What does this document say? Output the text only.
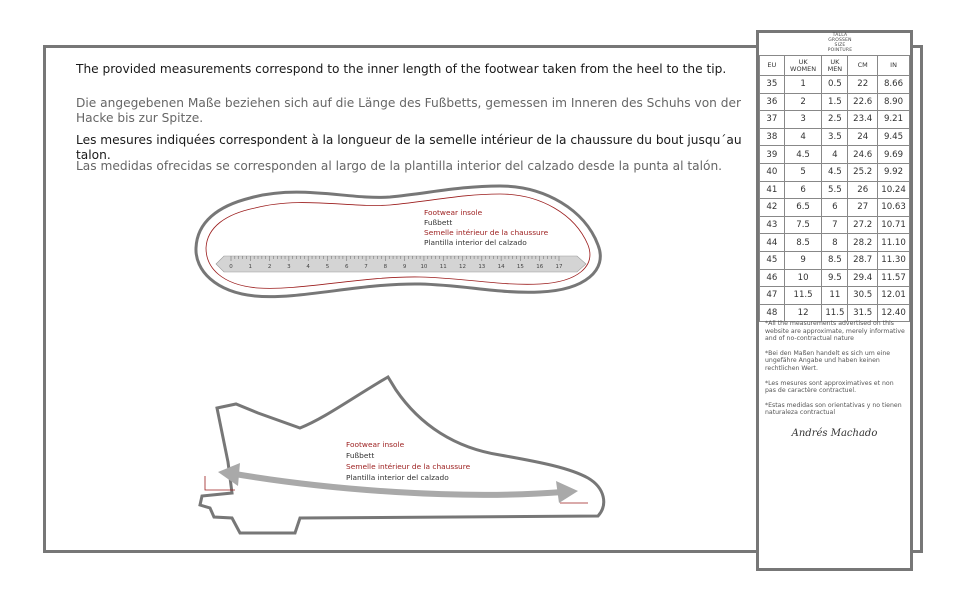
The provided measurements correspond to the inner length of the footwear taken from the heel to the tip.

Die angegebenen Maße beziehen sich auf die Länge des Fußbetts, gemessen im Inneren des Schuhs von der Hacke bis zur Spitze.

Les mesures indiquées correspondent à la longueur de la semelle intérieur de la chaussure du bout jusqu´au talon.

Las medidas ofrecidas se corresponden al largo de la plantilla interior del calzado desde la punta al talón.

0	1	2	3	4	5	6	7	8	9	10 11 12 13 14 15 16 17
Footwear insole
Fußbett
Semelle intérieur de la chaussure
Plantilla interior del calzado
Footwear insole
Fußbett
Semelle intérieur de la chaussure
Plantilla interior del calzado
TALLA
GROSSEN
SIZE
POINTURE
EU	UK WOMEN	UK MEN	CM	IN
35	1	0.5	22	8.66
36	2	1.5	22.6	8.90
37	3	2.5	23.4	9.21
38	4	3.5	24	9.45
39	4.5	4	24.6	9.69
40	5	4.5	25.2	9.92
41	6	5.5	26	10.24
42	6.5	6	27	10.63
43	7.5	7	27.2	10.71
44	8.5	8	28.2	11.10
45	9	8.5	28.7	11.30
46	10	9.5	29.4	11.57
47	11.5	11	30.5	12.01
48	12	11.5	31.5	12.40

*All the measurements advertised on this website are approximate, merely informative and of no-contractual nature

*Bei den Maßen handelt es sich um eine ungefähre Angabe und haben keinen rechtlichen Wert.

*Les mesures sont approximatives et non pas de caractère contractuel.

*Estas medidas son orientativas y no tienen naturaleza contractual

Andrés Machado
